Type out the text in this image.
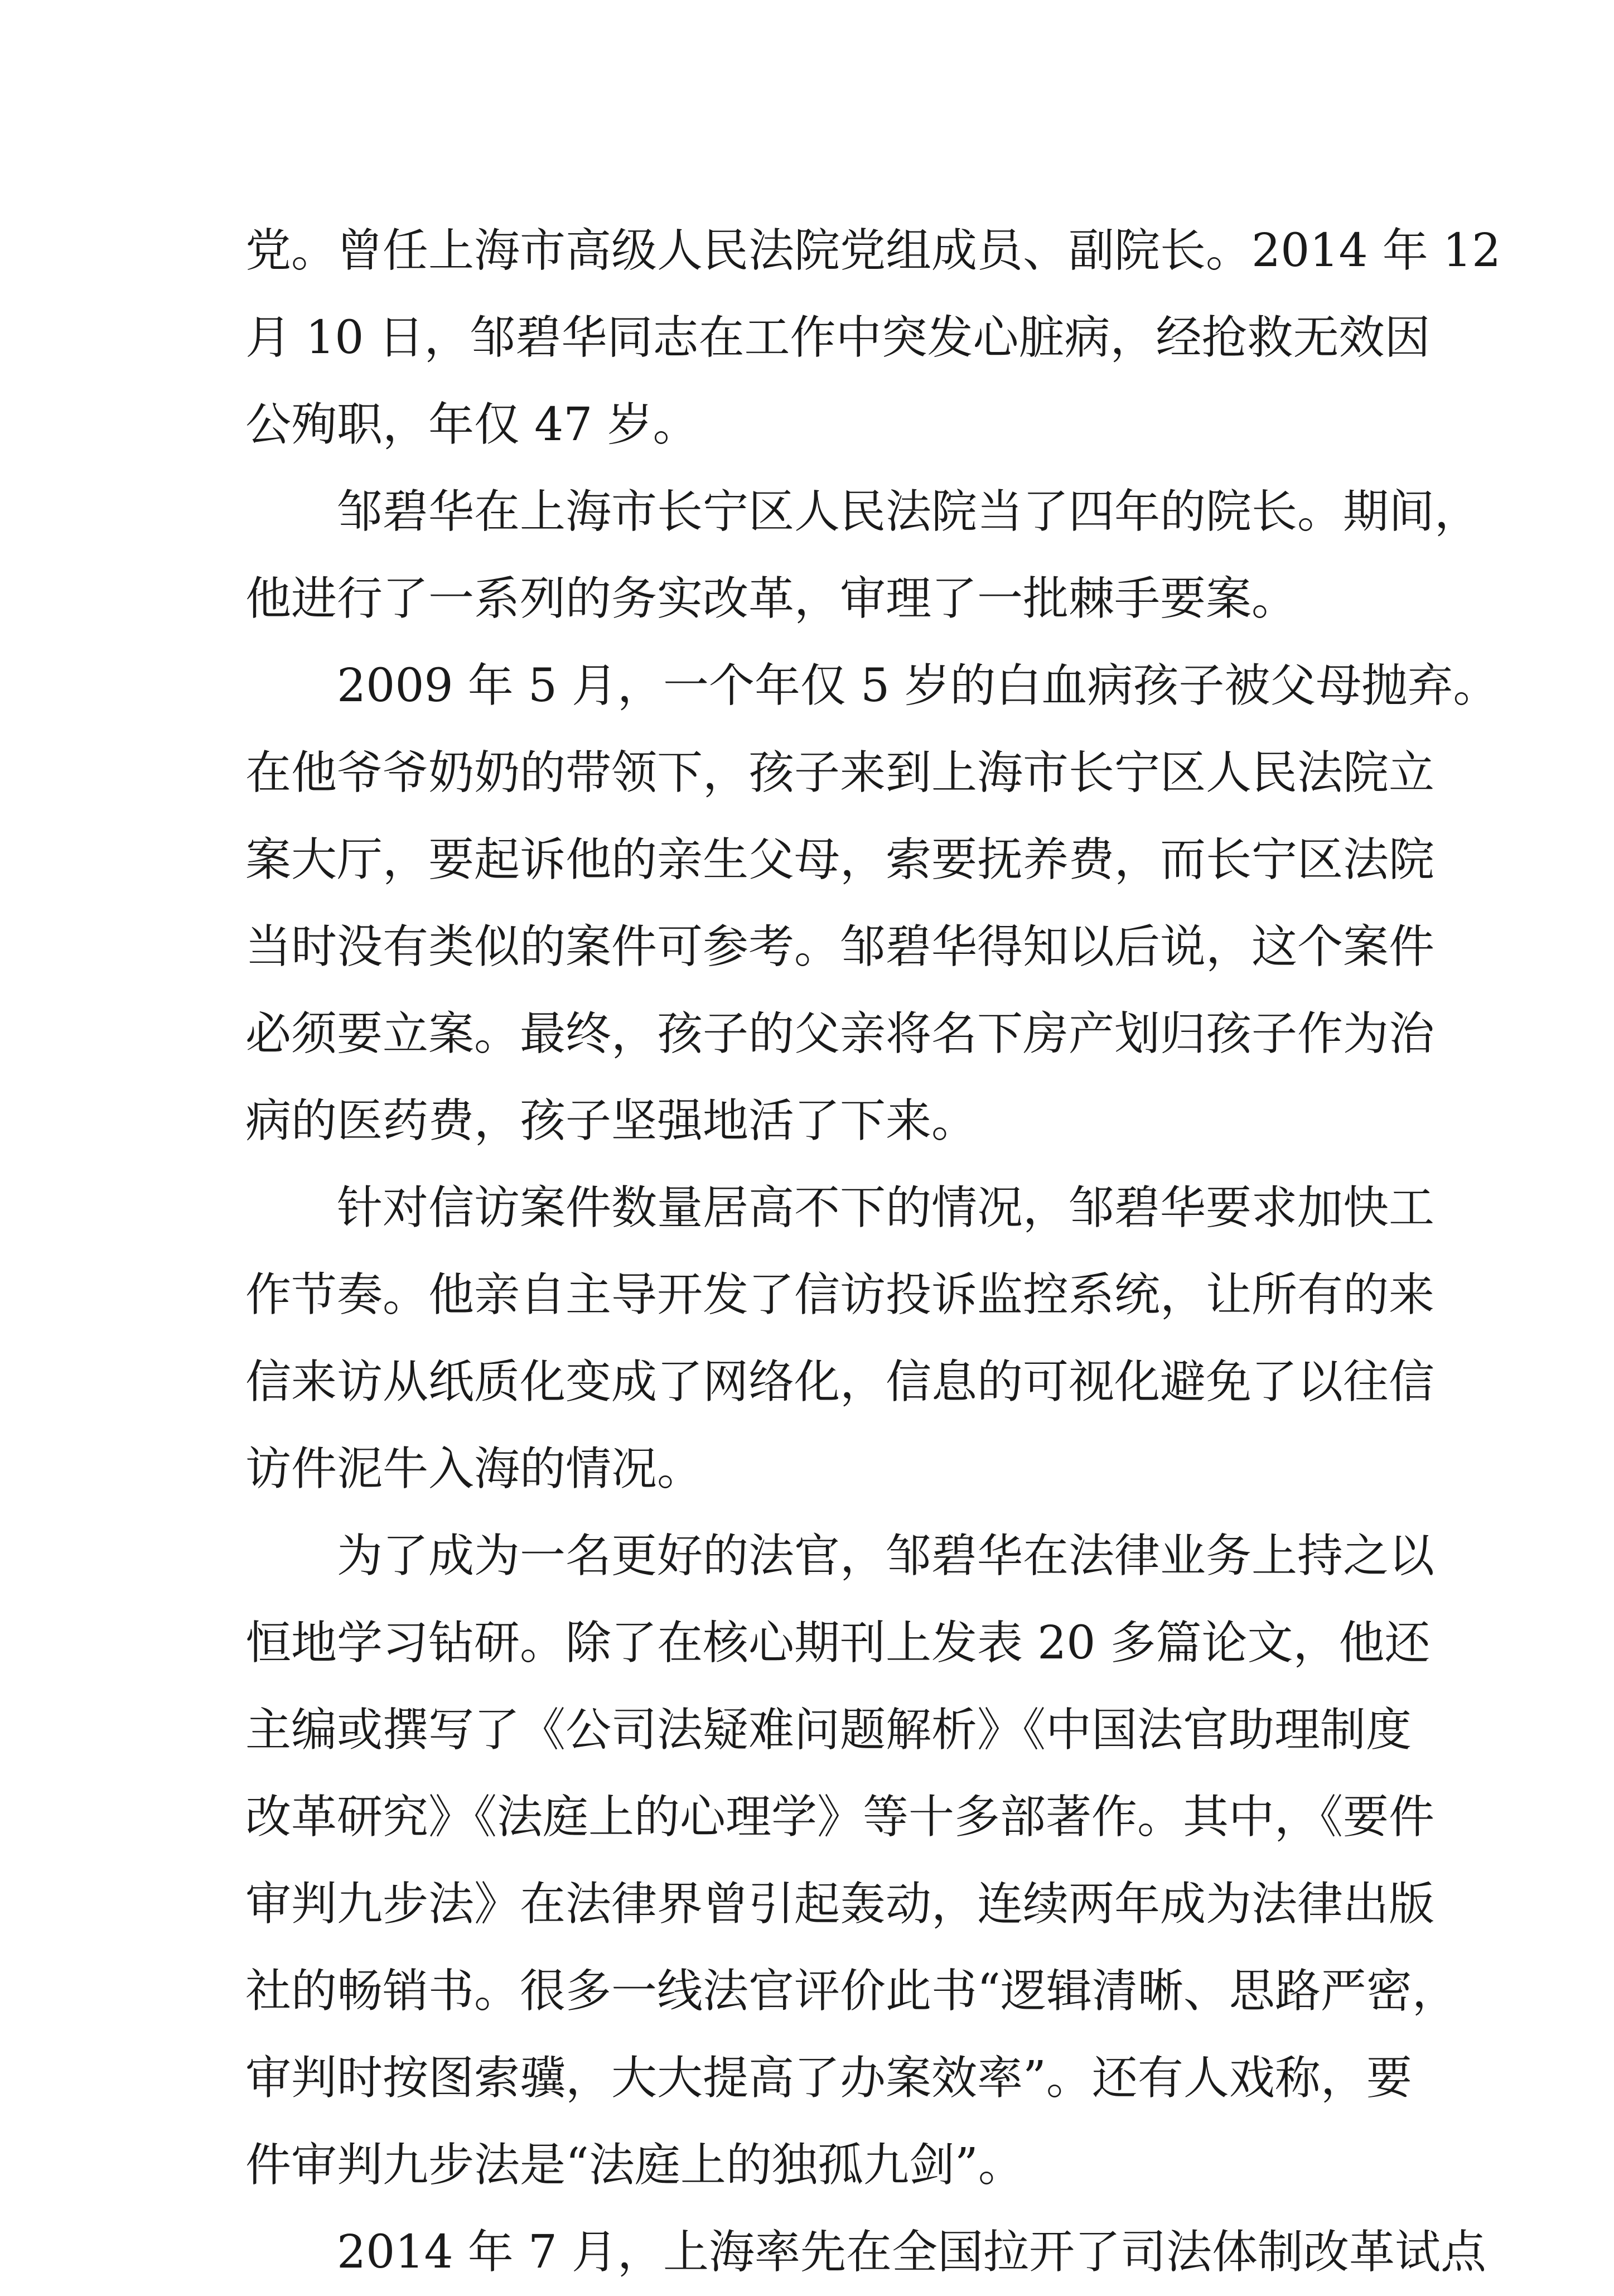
党。曾任上海市高级人民法院党组成员、副院长。2014 年 12
月 10 日，邹碧华同志在工作中突发心脏病，经抢救无效因
公殉职，年仅 47 岁。

邹碧华在上海市长宁区人民法院当了四年的院长。期间，
他进行了一系列的务实改革，审理了一批棘手要案。

2009 年 5 月，一个年仅 5 岁的白血病孩子被父母抛弃。
在他爷爷奶奶的带领下，孩子来到上海市长宁区人民法院立
案大厅，要起诉他的亲生父母，索要抚养费，而长宁区法院
当时没有类似的案件可参考。邹碧华得知以后说，这个案件
必须要立案。最终，孩子的父亲将名下房产划归孩子作为治
病的医药费，孩子坚强地活了下来。

针对信访案件数量居高不下的情况，邹碧华要求加快工
作节奏。他亲自主导开发了信访投诉监控系统，让所有的来
信来访从纸质化变成了网络化，信息的可视化避免了以往信
访件泥牛入海的情况。

为了成为一名更好的法官，邹碧华在法律业务上持之以
恒地学习钻研。除了在核心期刊上发表 20 多篇论文，他还
主编或撰写了《公司法疑难问题解析》《中国法官助理制度
改革研究》《法庭上的心理学》等十多部著作。其中，《要件
审判九步法》在法律界曾引起轰动，连续两年成为法律出版
社的畅销书。很多一线法官评价此书“逻辑清晰、思路严密，
审判时按图索骥，大大提高了办案效率”。还有人戏称，要
件审判九步法是“法庭上的独孤九剑”。

2014 年 7 月，上海率先在全国拉开了司法体制改革试点
